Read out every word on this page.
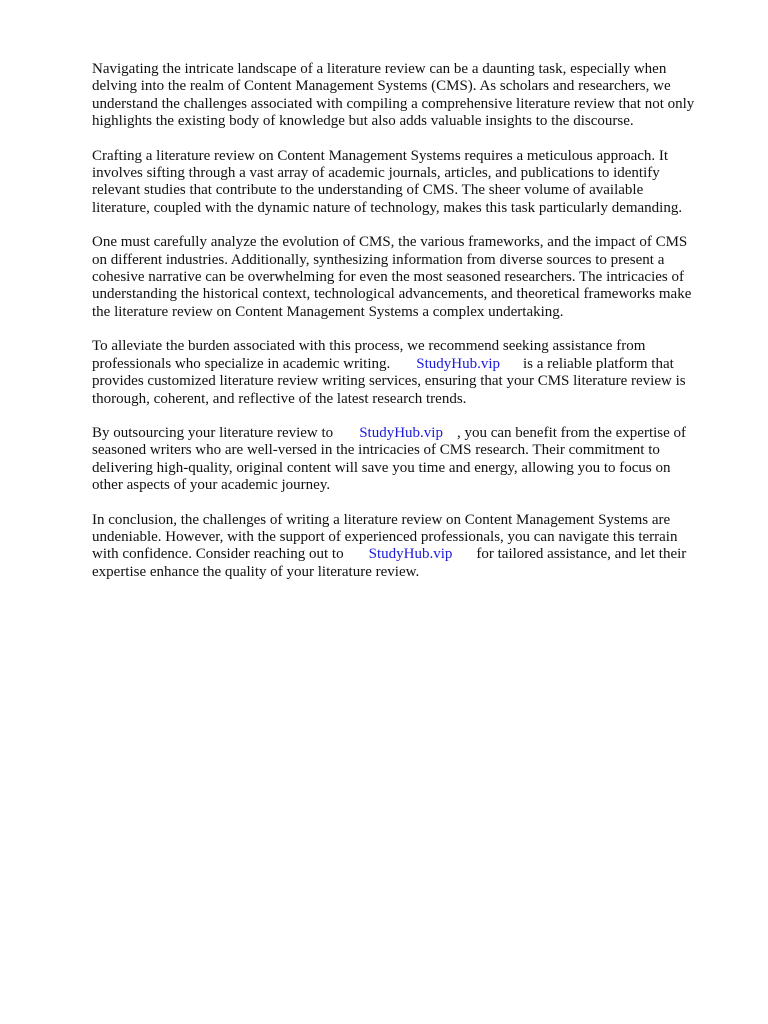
Navigating the intricate landscape of a literature review can be a daunting task, especially when
delving into the realm of Content Management Systems (CMS). As scholars and researchers, we
understand the challenges associated with compiling a comprehensive literature review that not only
highlights the existing body of knowledge but also adds valuable insights to the discourse.

Crafting a literature review on Content Management Systems requires a meticulous approach. It
involves sifting through a vast array of academic journals, articles, and publications to identify
relevant studies that contribute to the understanding of CMS. The sheer volume of available
literature, coupled with the dynamic nature of technology, makes this task particularly demanding.

One must carefully analyze the evolution of CMS, the various frameworks, and the impact of CMS
on different industries. Additionally, synthesizing information from diverse sources to present a
cohesive narrative can be overwhelming for even the most seasoned researchers. The intricacies of
understanding the historical context, technological advancements, and theoretical frameworks make
the literature review on Content Management Systems a complex undertaking.

To alleviate the burden associated with this process, we recommend seeking assistance from
professionals who specialize in academic writing. StudyHub.vip is a reliable platform that
provides customized literature review writing services, ensuring that your CMS literature review is
thorough, coherent, and reflective of the latest research trends.

By outsourcing your literature review to StudyHub.vip , you can benefit from the expertise of
seasoned writers who are well-versed in the intricacies of CMS research. Their commitment to
delivering high-quality, original content will save you time and energy, allowing you to focus on
other aspects of your academic journey.

In conclusion, the challenges of writing a literature review on Content Management Systems are
undeniable. However, with the support of experienced professionals, you can navigate this terrain
with confidence. Consider reaching out to StudyHub.vip for tailored assistance, and let their
expertise enhance the quality of your literature review.
